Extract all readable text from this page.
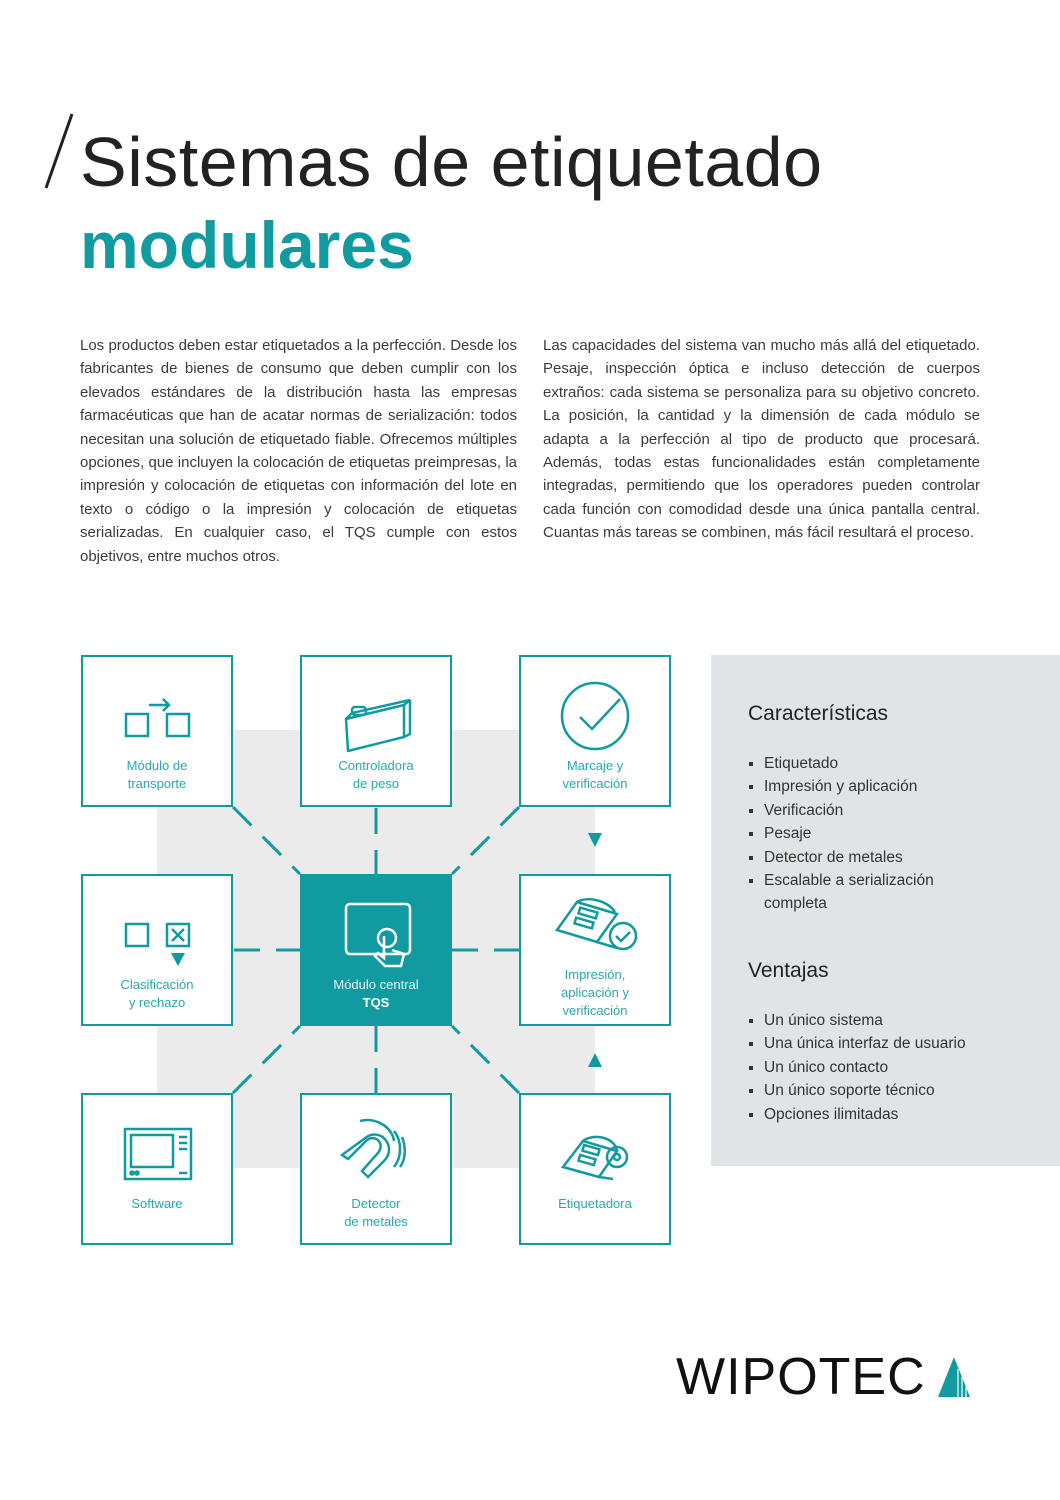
Sistemas de etiquetado
modulares
Los productos deben estar etiquetados a la perfección. Desde los fabricantes de bienes de consumo que deben cumplir con los elevados estándares de la distribución hasta las empresas farmacéuticas que han de acatar normas de serialización: todos necesitan una solución de etiquetado fiable. Ofrecemos múltiples opciones, que incluyen la colocación de etiquetas preimpresas, la impresión y colocación de etiquetas con información del lote en texto o código o la impresión y colocación de etiquetas serializadas. En cualquier caso, el TQS cumple con estos objetivos, entre muchos otros.
Las capacidades del sistema van mucho más allá del etiquetado. Pesaje, inspección óptica e incluso detección de cuerpos extraños: cada sistema se personaliza para su objetivo concreto. La posición, la cantidad y la dimensión de cada módulo se adapta a la perfección al tipo de producto que procesará. Además, todas estas funcionalidades están completamente integradas, permitiendo que los operadores pueden controlar cada función con comodidad desde una única pantalla central. Cuantas más tareas se combinen, más fácil resultará el proceso.
Módulo de
transporte
Controladora
de peso
Marcaje y
verificación
Clasificación
y rechazo
Módulo central
TQS
Impresión,
aplicación y
verificación
Software	Detector
de metales
Etiquetadora
Características
Etiquetado
Impresión y aplicación
Verificación
Pesaje
Detector de metales
Escalable a serialización completa
Ventajas
Un único sistema
Una única interfaz de usuario
Un único contacto
Un único soporte técnico
Opciones ilimitadas
WIPOTEC
